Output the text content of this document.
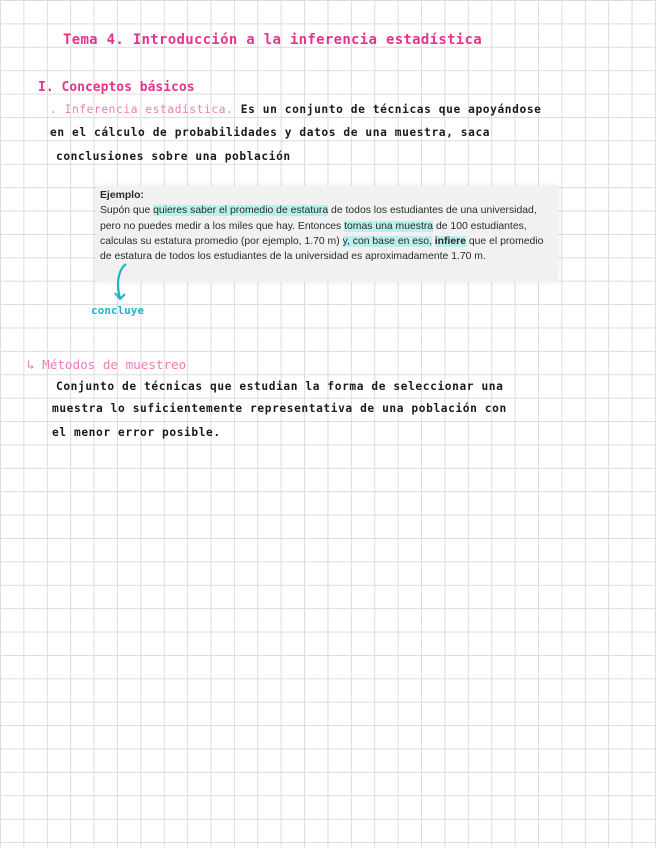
Tema 4. Introducción a la inferencia estadística
I. Conceptos básicos
. Inferencia estadística. Es un conjunto de técnicas que apoyándose
en el cálculo de probabilidades y datos de una muestra, saca
conclusiones sobre una población
Ejemplo:
Supón que quieres saber el promedio de estatura de todos los estudiantes de una universidad, pero no puedes medir a los miles que hay. Entonces tomas una muestra de 100 estudiantes, calculas su estatura promedio (por ejemplo, 1.70 m) y, con base en eso, infiere que el promedio de estatura de todos los estudiantes de la universidad es aproximadamente 1.70 m.
concluye
↳ Métodos de muestreo
Conjunto de técnicas que estudian la forma de seleccionar una
muestra lo suficientemente representativa de una población con
el menor error posible.
